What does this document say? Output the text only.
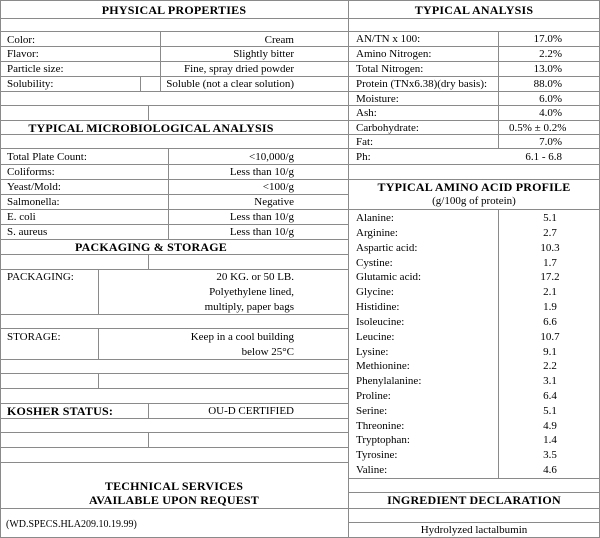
PHYSICAL PROPERTIES
Color:	Cream
Flavor:	Slightly bitter
Particle size:	Fine, spray dried powder
Solubility:	Soluble (not a clear solution)
TYPICAL MICROBIOLOGICAL ANALYSIS
Total Plate Count:	<10,000/g
Coliforms:	Less than 10/g
Yeast/Mold:	<100/g
Salmonella:	Negative
E. coli	Less than 10/g
S. aureus	Less than 10/g
PACKAGING & STORAGE
PACKAGING:	20 KG. or 50 LB.
Polyethylene lined,
multiply, paper bags
STORAGE:	Keep in a cool building
below 25°C
KOSHER STATUS:	OU-D CERTIFIED
TECHNICAL SERVICES
AVAILABLE UPON REQUEST
(WD.SPECS.HLA209.10.19.99)
TYPICAL ANALYSIS
AN/TN x 100:	17.0%
Amino Nitrogen:	2.2%
Total Nitrogen:	13.0%
Protein (TNx6.38)(dry basis):	88.0%
Moisture:	6.0%
Ash:	4.0%
Carbohydrate:	0.5% ± 0.2%
Fat:	7.0%
Ph:	6.1 - 6.8
TYPICAL AMINO ACID PROFILE
(g/100g of protein)
Alanine:	5.1
Arginine:	2.7
Aspartic acid:	10.3
Cystine:	1.7
Glutamic acid:	17.2
Glycine:	2.1
Histidine:	1.9
Isoleucine:	6.6
Leucine:	10.7
Lysine:	9.1
Methionine:	2.2
Phenylalanine:	3.1
Proline:	6.4
Serine:	5.1
Threonine:	4.9
Tryptophan:	1.4
Tyrosine:	3.5
Valine:	4.6
INGREDIENT DECLARATION
Hydrolyzed lactalbumin
